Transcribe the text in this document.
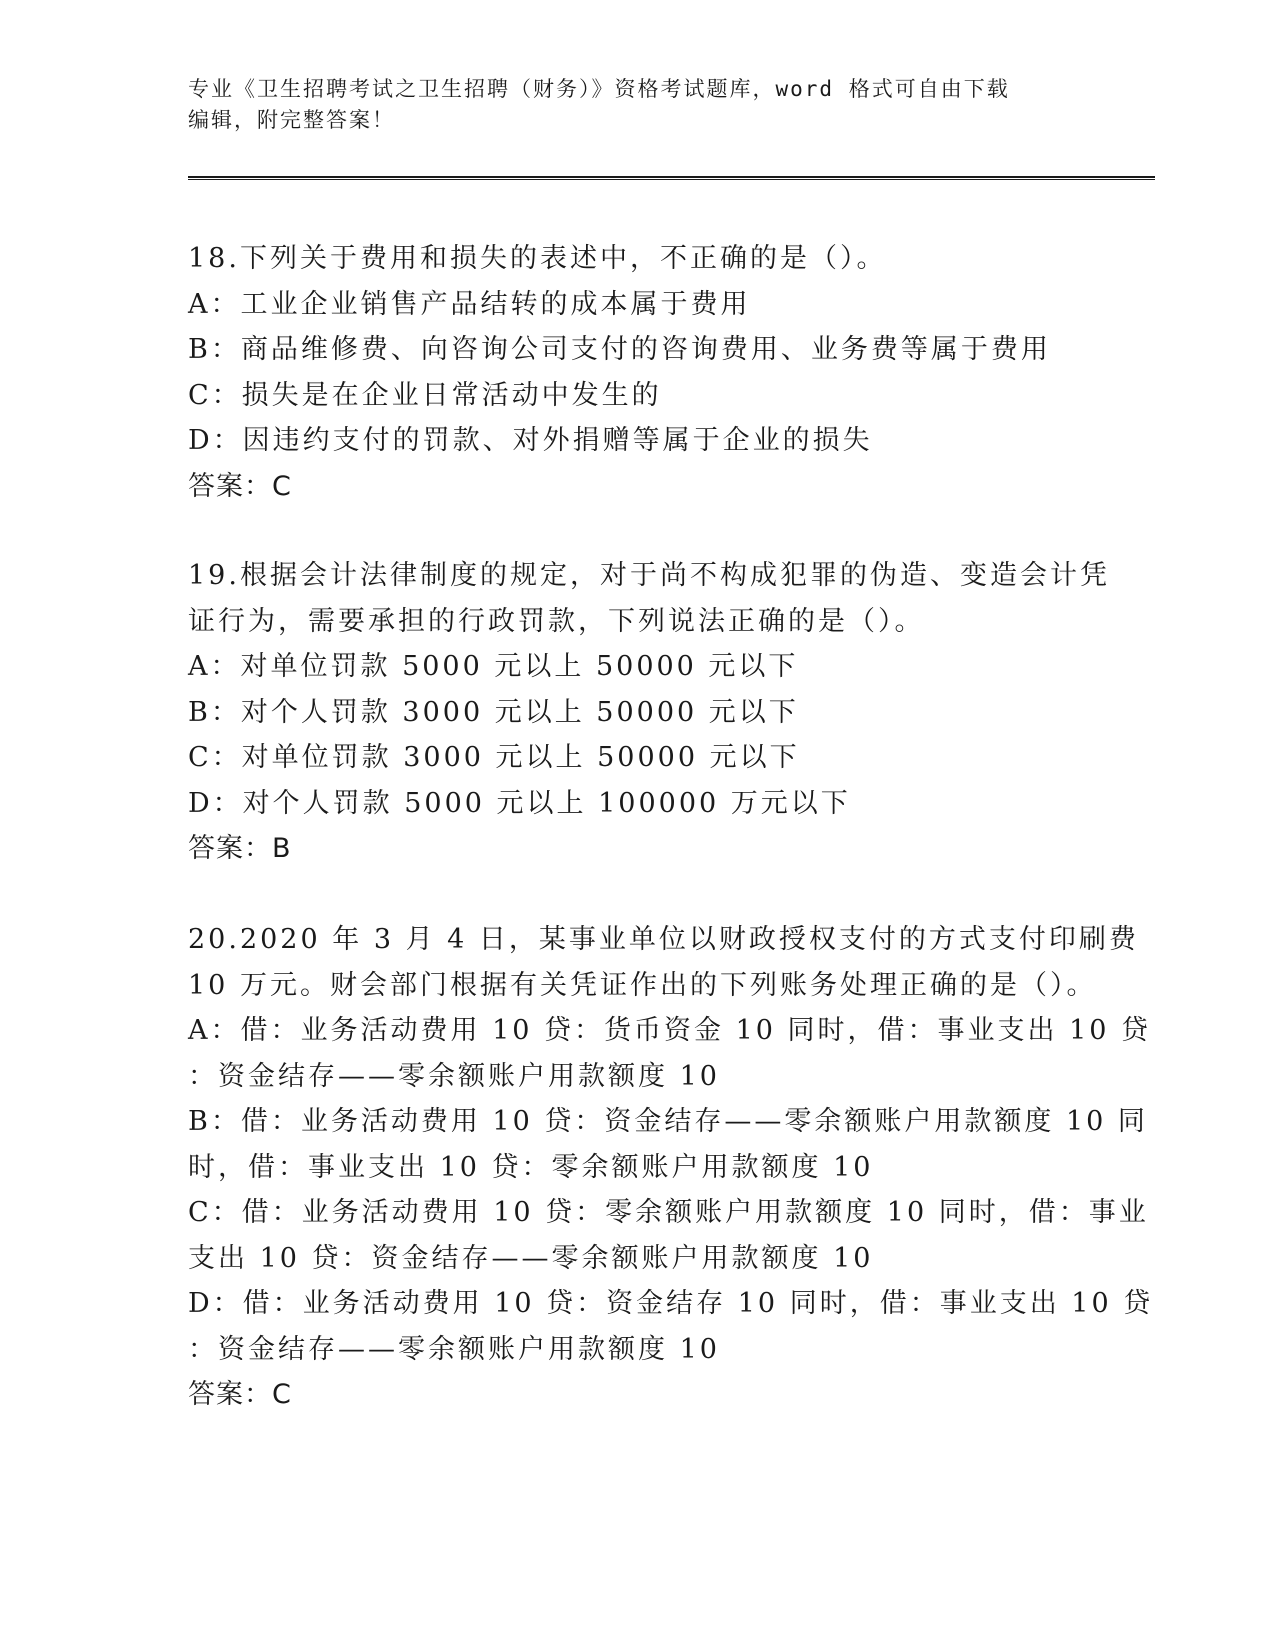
专业《卫生招聘考试之卫生招聘（财务）》资格考试题库，word 格式可自由下载
编辑，附完整答案！
18.下列关于费用和损失的表述中，不正确的是（）。
A：工业企业销售产品结转的成本属于费用
B：商品维修费、向咨询公司支付的咨询费用、业务费等属于费用
C：损失是在企业日常活动中发生的
D：因违约支付的罚款、对外捐赠等属于企业的损失
答案：C
19.根据会计法律制度的规定，对于尚不构成犯罪的伪造、变造会计凭
证行为，需要承担的行政罚款，下列说法正确的是（）。
A：对单位罚款 5000 元以上 50000 元以下
B：对个人罚款 3000 元以上 50000 元以下
C：对单位罚款 3000 元以上 50000 元以下
D：对个人罚款 5000 元以上 100000 万元以下
答案：B
20.2020 年 3 月 4 日，某事业单位以财政授权支付的方式支付印刷费
10 万元。财会部门根据有关凭证作出的下列账务处理正确的是（）。
A：借：业务活动费用 10 贷：货币资金 10 同时，借：事业支出 10 贷
：资金结存——零余额账户用款额度 10
B：借：业务活动费用 10 贷：资金结存——零余额账户用款额度 10 同
时，借：事业支出 10 贷：零余额账户用款额度 10
C：借：业务活动费用 10 贷：零余额账户用款额度 10 同时，借：事业
支出 10 贷：资金结存——零余额账户用款额度 10
D：借：业务活动费用 10 贷：资金结存 10 同时，借：事业支出 10 贷
：资金结存——零余额账户用款额度 10
答案：C
